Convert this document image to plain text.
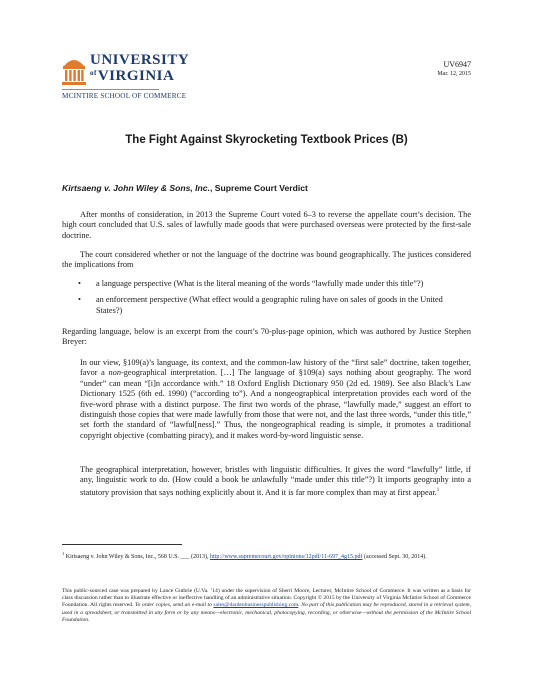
UNIVERSITY
$^{of}$VIRGINIA
MCINTIRE SCHOOL OF COMMERCE
UV6947
Mar. 12, 2015
The Fight Against Skyrocketing Textbook Prices (B)
Kirtsaeng v. John Wiley & Sons, Inc., Supreme Court Verdict
After months of consideration, in 2013 the Supreme Court voted 6–3 to reverse the appellate court’s decision. The high court concluded that U.S. sales of lawfully made goods that were purchased overseas were protected by the first-sale doctrine.
The court considered whether or not the language of the doctrine was bound geographically. The justices considered the implications from
• a language perspective (What is the literal meaning of the words “lawfully made under this title”?)
• an enforcement perspective (What effect would a geographic ruling have on sales of goods in the United States?)
Regarding language, below is an excerpt from the court’s 70-plus-page opinion, which was authored by Justice Stephen Breyer:
In our view, §109(a)’s language, its context, and the common-law history of the “first sale” doctrine, taken together, favor a non-geographical interpretation. […] The language of §109(a) says nothing about geography. The word “under” can mean “[i]n accordance with.” 18 Oxford English Dictionary 950 (2d ed. 1989). See also Black’s Law Dictionary 1525 (6th ed. 1990) (“according to”). And a nongeographical interpretation provides each word of the five-word phrase with a distinct purpose. The first two words of the phrase, “lawfully made,” suggest an effort to distinguish those copies that were made lawfully from those that were not, and the last three words, “under this title,” set forth the standard of “lawful[ness].” Thus, the nongeographical reading is simple, it promotes a traditional copyright objective (combatting piracy), and it makes word-by-word linguistic sense.
The geographical interpretation, however, bristles with linguistic difficulties. It gives the word “lawfully” little, if any, linguistic work to do. (How could a book be unlawfully “made under this title”?) It imports geography into a statutory provision that says nothing explicitly about it. And it is far more complex than may at first appear.$^1$
$^1$ Kirtsaeng v. John Wiley & Sons, Inc., 568 U.S. ___ (2013), http://www.supremecourt.gov/opinions/12pdf/11-697_4g15.pdf (accessed Sept. 30, 2014).
This public-sourced case was prepared by Lance Guthrie (U.Va. ’14) under the supervision of Sherri Moore, Lecturer, McIntire School of Commerce. It was written as a basis for class discussion rather than to illustrate effective or ineffective handling of an administrative situation. Copyright © 2015 by the University of Virginia McIntire School of Commerce Foundation. All rights reserved. To order copies, send an e-mail to sales@dardenbusinesspublishing.com. No part of this publication may be reproduced, stored in a retrieval system, used in a spreadsheet, or transmitted in any form or by any means—electronic, mechanical, photocopying, recording, or otherwise—without the permission of the McIntire School Foundation.
